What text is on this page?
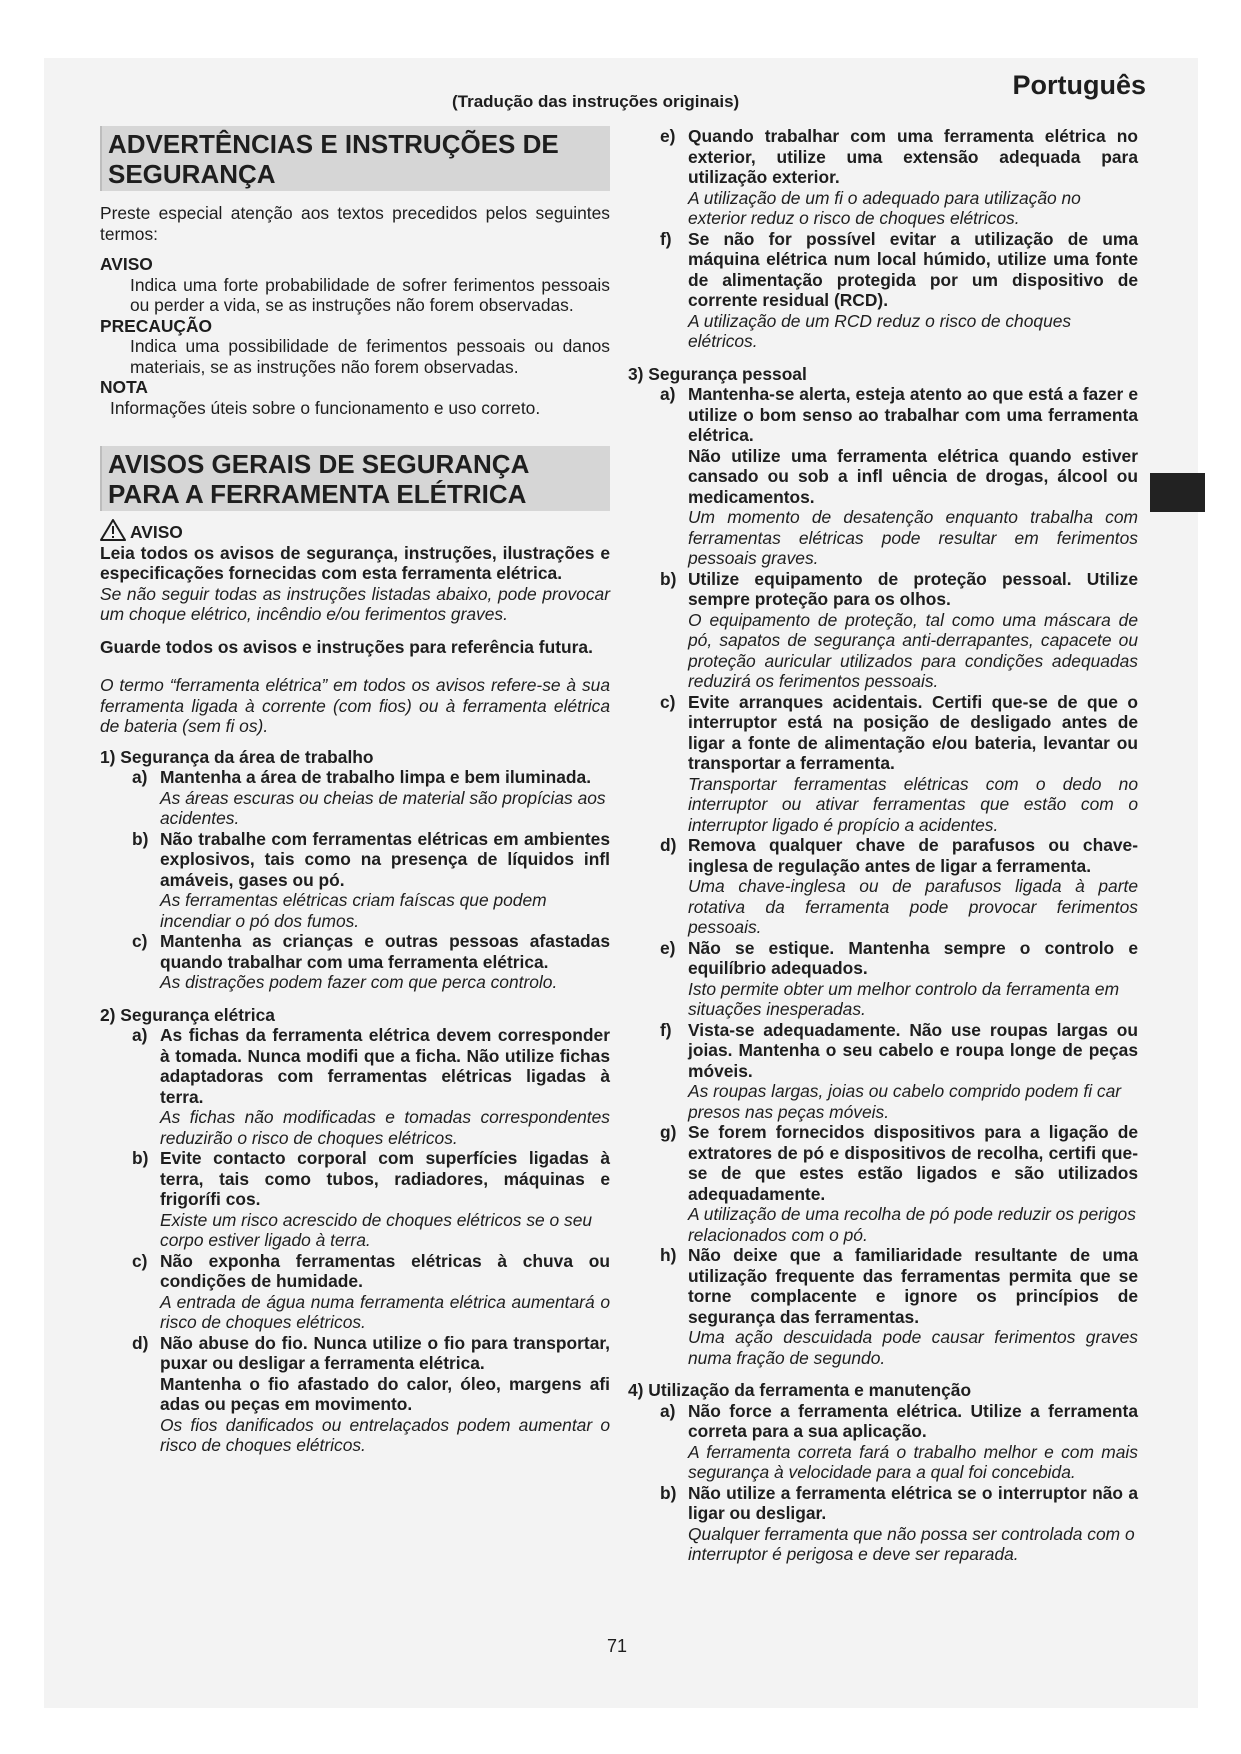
Português
(Tradução das instruções originais)
ADVERTÊNCIAS E INSTRUÇÕES DE SEGURANÇA

Preste especial atenção aos textos precedidos pelos seguintes termos:

AVISO

Indica uma forte probabilidade de sofrer ferimentos pessoais ou perder a vida, se as instruções não forem observadas.

PRECAUÇÃO

Indica uma possibilidade de ferimentos pessoais ou danos materiais, se as instruções não forem observadas.

NOTA

Informações úteis sobre o funcionamento e uso correto.

AVISOS GERAIS DE SEGURANÇA PARA A FERRAMENTA ELÉTRICA

AVISO

Leia todos os avisos de segurança, instruções, ilustrações e especificações fornecidas com esta ferramenta elétrica.

Se não seguir todas as instruções listadas abaixo, pode provocar um choque elétrico, incêndio e/ou ferimentos graves.

Guarde todos os avisos e instruções para referência futura.

O termo “ferramenta elétrica” em todos os avisos refere-se à sua ferramenta ligada à corrente (com fios) ou à ferramenta elétrica de bateria (sem fi os).

1) Segurança da área de trabalho

a) Mantenha a área de trabalho limpa e bem iluminada.

As áreas escuras ou cheias de material são propícias aos acidentes.

b) Não trabalhe com ferramentas elétricas em ambientes explosivos, tais como na presença de líquidos infl amáveis, gases ou pó.

As ferramentas elétricas criam faíscas que podem incendiar o pó dos fumos.

c) Mantenha as crianças e outras pessoas afastadas quando trabalhar com uma ferramenta elétrica.

As distrações podem fazer com que perca controlo.

2) Segurança elétrica

a) As fichas da ferramenta elétrica devem corresponder à tomada. Nunca modifi que a ficha. Não utilize fichas adaptadoras com ferramentas elétricas ligadas à terra.

As fichas não modificadas e tomadas correspondentes reduzirão o risco de choques elétricos.

b) Evite contacto corporal com superfícies ligadas à terra, tais como tubos, radiadores, máquinas e frigorífi cos.

Existe um risco acrescido de choques elétricos se o seu corpo estiver ligado à terra.

c) Não exponha ferramentas elétricas à chuva ou condições de humidade.

A entrada de água numa ferramenta elétrica aumentará o risco de choques elétricos.

d) Não abuse do fio. Nunca utilize o fio para transportar, puxar ou desligar a ferramenta elétrica.

Mantenha o fio afastado do calor, óleo, margens afi adas ou peças em movimento.

Os fios danificados ou entrelaçados podem aumentar o risco de choques elétricos.

e) Quando trabalhar com uma ferramenta elétrica no exterior, utilize uma extensão adequada para utilização exterior.

A utilização de um fi o adequado para utilização no exterior reduz o risco de choques elétricos.

f) Se não for possível evitar a utilização de uma máquina elétrica num local húmido, utilize uma fonte de alimentação protegida por um dispositivo de corrente residual (RCD).

A utilização de um RCD reduz o risco de choques elétricos.

3) Segurança pessoal

a) Mantenha-se alerta, esteja atento ao que está a fazer e utilize o bom senso ao trabalhar com uma ferramenta elétrica.

Não utilize uma ferramenta elétrica quando estiver cansado ou sob a infl uência de drogas, álcool ou medicamentos.

Um momento de desatenção enquanto trabalha com ferramentas elétricas pode resultar em ferimentos pessoais graves.

b) Utilize equipamento de proteção pessoal. Utilize sempre proteção para os olhos.

O equipamento de proteção, tal como uma máscara de pó, sapatos de segurança anti-derrapantes, capacete ou proteção auricular utilizados para condições adequadas reduzirá os ferimentos pessoais.

c) Evite arranques acidentais. Certifi que-se de que o interruptor está na posição de desligado antes de ligar a fonte de alimentação e/ou bateria, levantar ou transportar a ferramenta.

Transportar ferramentas elétricas com o dedo no interruptor ou ativar ferramentas que estão com o interruptor ligado é propício a acidentes.

d) Remova qualquer chave de parafusos ou chave-inglesa de regulação antes de ligar a ferramenta.

Uma chave-inglesa ou de parafusos ligada à parte rotativa da ferramenta pode provocar ferimentos pessoais.

e) Não se estique. Mantenha sempre o controlo e equilíbrio adequados.

Isto permite obter um melhor controlo da ferramenta em situações inesperadas.

f) Vista-se adequadamente. Não use roupas largas ou joias. Mantenha o seu cabelo e roupa longe de peças móveis.

As roupas largas, joias ou cabelo comprido podem fi car presos nas peças móveis.

g) Se forem fornecidos dispositivos para a ligação de extratores de pó e dispositivos de recolha, certifi que-se de que estes estão ligados e são utilizados adequadamente.

A utilização de uma recolha de pó pode reduzir os perigos relacionados com o pó.

h) Não deixe que a familiaridade resultante de uma utilização frequente das ferramentas permita que se torne complacente e ignore os princípios de segurança das ferramentas.

Uma ação descuidada pode causar ferimentos graves numa fração de segundo.

4) Utilização da ferramenta e manutenção

a) Não force a ferramenta elétrica. Utilize a ferramenta correta para a sua aplicação.

A ferramenta correta fará o trabalho melhor e com mais segurança à velocidade para a qual foi concebida.

b) Não utilize a ferramenta elétrica se o interruptor não a ligar ou desligar.

Qualquer ferramenta que não possa ser controlada com o interruptor é perigosa e deve ser reparada.

71
